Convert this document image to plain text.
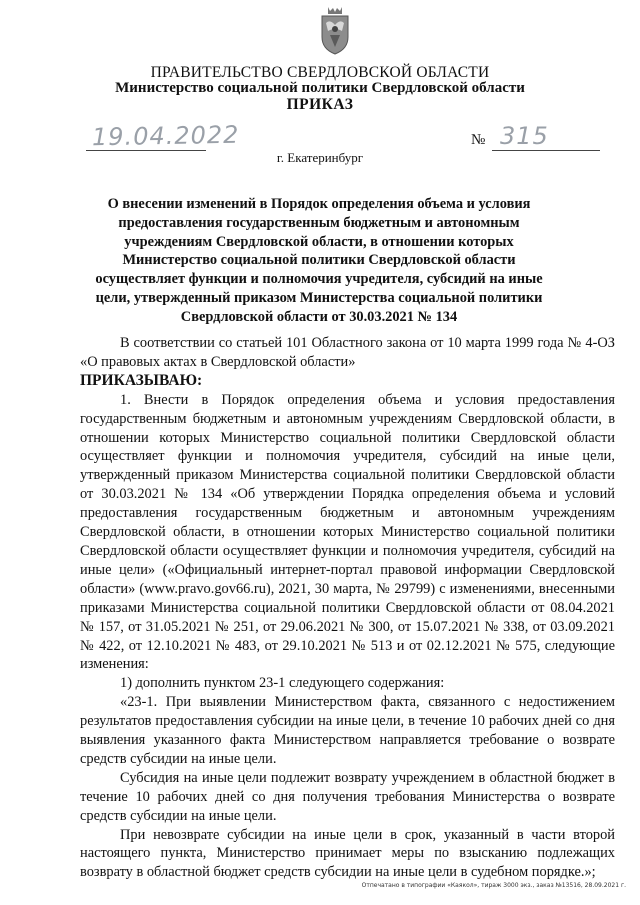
ПРАВИТЕЛЬСТВО СВЕРДЛОВСКОЙ ОБЛАСТИ
Министерство социальной политики Свердловской области
ПРИКАЗ
19.04.2022	№ 315
г. Екатеринбург
О внесении изменений в Порядок определения объема и условия предоставления государственным бюджетным и автономным учреждениям Свердловской области, в отношении которых Министерство социальной политики Свердловской области осуществляет функции и полномочия учредителя, субсидий на иные цели, утвержденный приказом Министерства социальной политики Свердловской области от 30.03.2021 № 134

В соответствии со статьей 101 Областного закона от 10 марта 1999 года № 4-ОЗ «О правовых актах в Свердловской области»

ПРИКАЗЫВАЮ:

1. Внести в Порядок определения объема и условия предоставления государственным бюджетным и автономным учреждениям Свердловской области, в отношении которых Министерство социальной политики Свердловской области осуществляет функции и полномочия учредителя, субсидий на иные цели, утвержденный приказом Министерства социальной политики Свердловской области от 30.03.2021 № 134 «Об утверждении Порядка определения объема и условий предоставления государственным бюджетным и автономным учреждениям Свердловской области, в отношении которых Министерство социальной политики Свердловской области осуществляет функции и полномочия учредителя, субсидий на иные цели» («Официальный интернет-портал правовой информации Свердловской области» (www.pravo.gov66.ru), 2021, 30 марта, № 29799) с изменениями, внесенными приказами Министерства социальной политики Свердловской области от 08.04.2021 № 157, от 31.05.2021 № 251, от 29.06.2021 № 300, от 15.07.2021 № 338, от 03.09.2021 № 422, от 12.10.2021 № 483, от 29.10.2021 № 513 и от 02.12.2021 № 575, следующие изменения:

1) дополнить пунктом 23-1 следующего содержания:

«23-1. При выявлении Министерством факта, связанного с недостижением результатов предоставления субсидии на иные цели, в течение 10 рабочих дней со дня выявления указанного факта Министерством направляется требование о возврате средств субсидии на иные цели.

Субсидия на иные цели подлежит возврату учреждением в областной бюджет в течение 10 рабочих дней со дня получения требования Министерства о возврате средств субсидии на иные цели.

При невозврате субсидии на иные цели в срок, указанный в части второй настоящего пункта, Министерство принимает меры по взысканию подлежащих возврату в областной бюджет средств субсидии на иные цели в судебном порядке.»;

Отпечатано в типографии «Каякол», тираж 3000 экз., заказ №13516, 28.09.2021 г.
